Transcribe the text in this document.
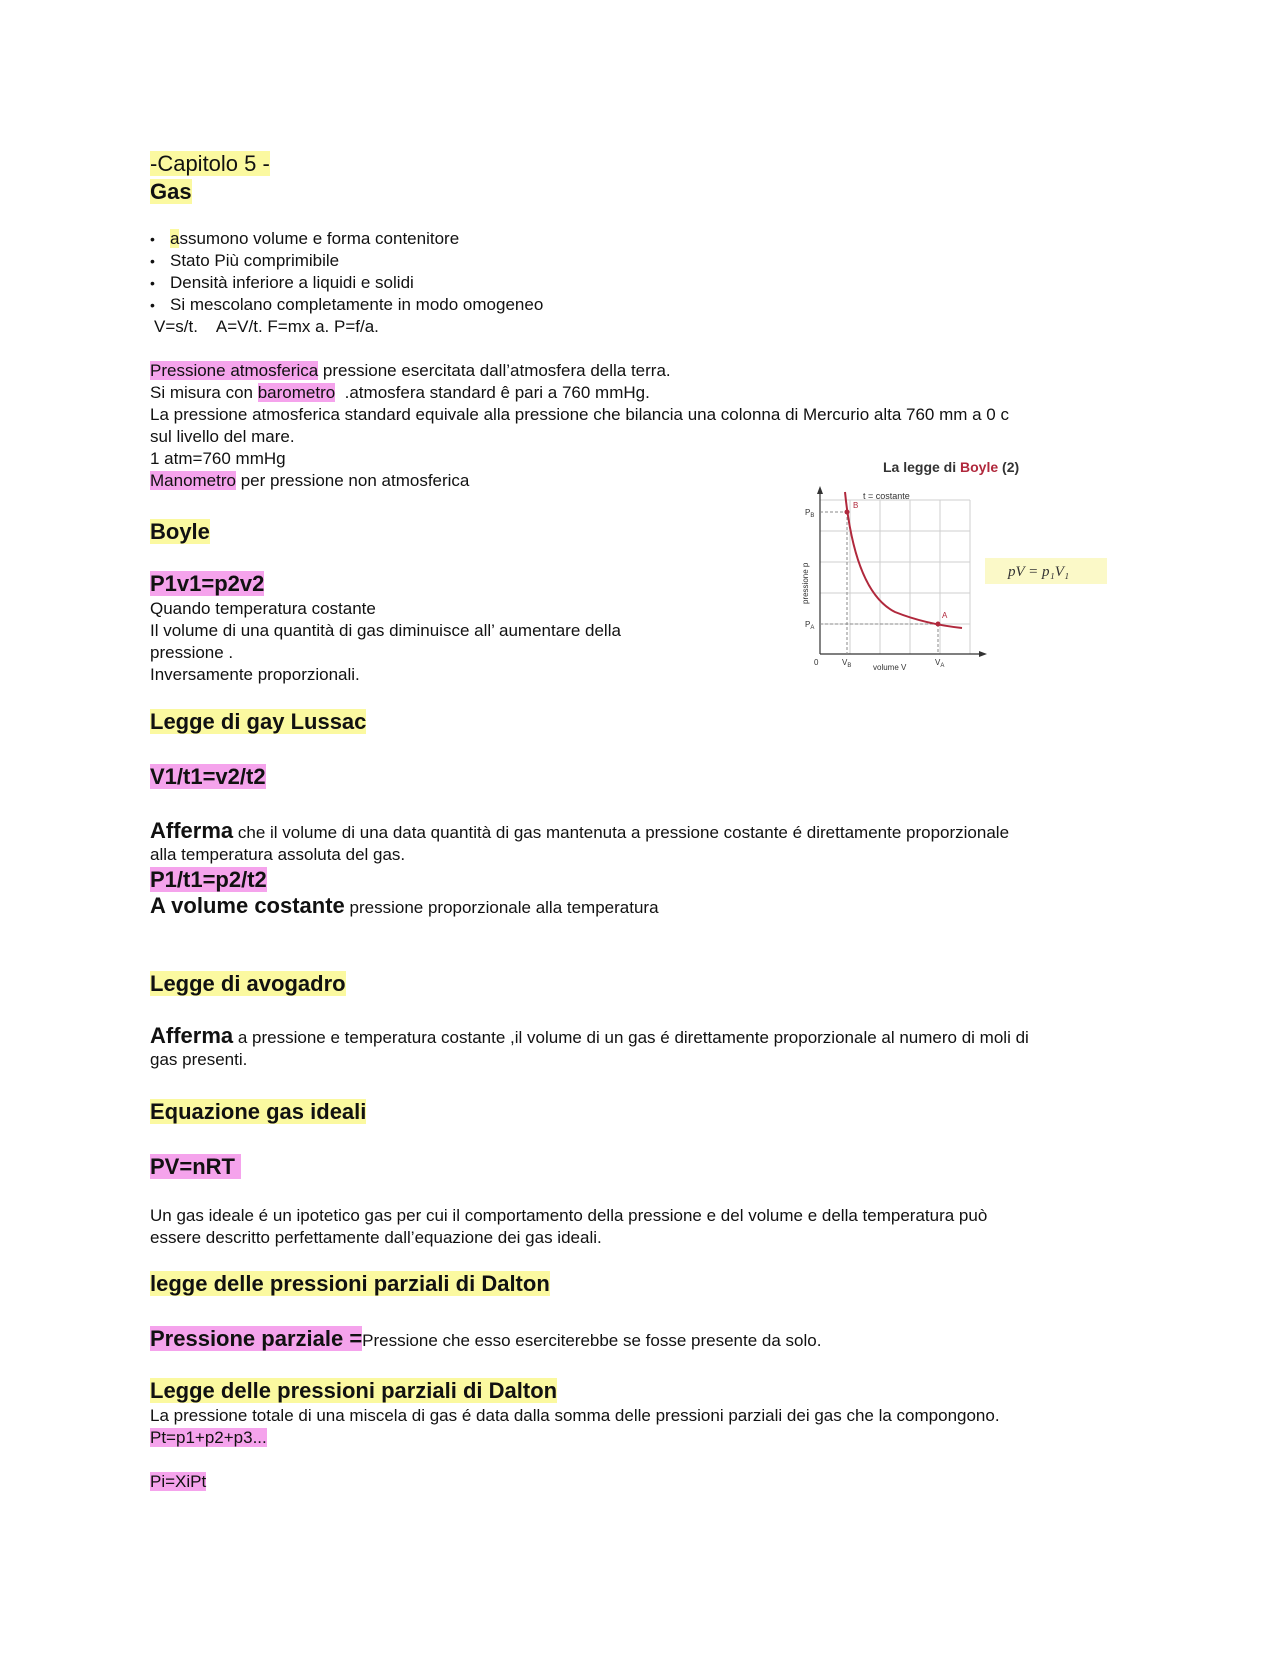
-Capitolo 5 -
Gas
• assumono volume e forma contenitore
• Stato Più comprimibile
• Densità inferiore a liquidi e solidi
• Si mescolano completamente in modo omogeneo
V=s/t.    A=V/t. F=mx a. P=f/a.
Pressione atmosferica pressione esercitata dall’atmosfera della terra.
Si misura con barometro  .atmosfera standard ê pari a 760 mmHg.
La pressione atmosferica standard equivale alla pressione che bilancia una colonna di Mercurio alta 760 mm a 0 c
sul livello del mare.
1 atm=760 mmHg
Manometro per pressione non atmosferica
Boyle
P1v1=p2v2
Quando temperatura costante
Il volume di una quantità di gas diminuisce all’ aumentare della
pressione .
Inversamente proporzionali.
La legge di Boyle (2)
t = costante
B
A
$P_B$
$P_A$
0	$V_B$	$V_A$
volume V
pressione p	pV = p₁V₁
Legge di gay Lussac
V1/t1=v2/t2
Afferma che il volume di una data quantità di gas mantenuta a pressione costante é direttamente proporzionale
alla temperatura assoluta del gas.
P1/t1=p2/t2
A volume costante pressione proporzionale alla temperatura
Legge di avogadro
Afferma a pressione e temperatura costante ,il volume di un gas é direttamente proporzionale al numero di moli di
gas presenti.
Equazione gas ideali
PV=nRT
Un gas ideale é un ipotetico gas per cui il comportamento della pressione e del volume e della temperatura può
essere descritto perfettamente dall’equazione dei gas ideali.
legge delle pressioni parziali di Dalton
Pressione parziale =Pressione che esso eserciterebbe se fosse presente da solo.
Legge delle pressioni parziali di Dalton
La pressione totale di una miscela di gas é data dalla somma delle pressioni parziali dei gas che la compongono.
Pt=p1+p2+p3...
Pi=XiPt
